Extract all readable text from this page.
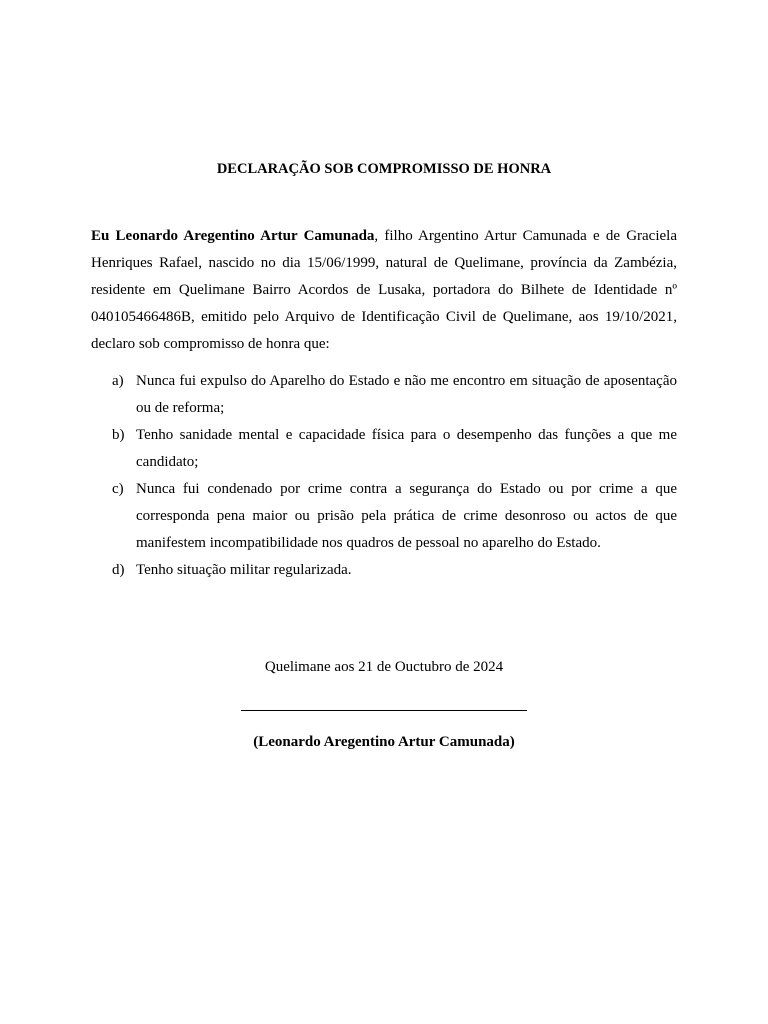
DECLARAÇÃO SOB COMPROMISSO DE HONRA

Eu Leonardo Aregentino Artur Camunada, filho Argentino Artur Camunada e de Graciela Henriques Rafael, nascido no dia 15/06/1999, natural de Quelimane, província da Zambézia, residente em Quelimane Bairro Acordos de Lusaka, portadora do Bilhete de Identidade nº 040105466486B, emitido pelo Arquivo de Identificação Civil de Quelimane, aos 19/10/2021, declaro sob compromisso de honra que:

a) Nunca fui expulso do Aparelho do Estado e não me encontro em situação de aposentação ou de reforma;
b) Tenho sanidade mental e capacidade física para o desempenho das funções a que me candidato;
c) Nunca fui condenado por crime contra a segurança do Estado ou por crime a que corresponda pena maior ou prisão pela prática de crime desonroso ou actos de que manifestem incompatibilidade nos quadros de pessoal no aparelho do Estado.
d) Tenho situação militar regularizada.
Quelimane aos 21 de Ouctubro de 2024
(Leonardo Aregentino Artur Camunada)
